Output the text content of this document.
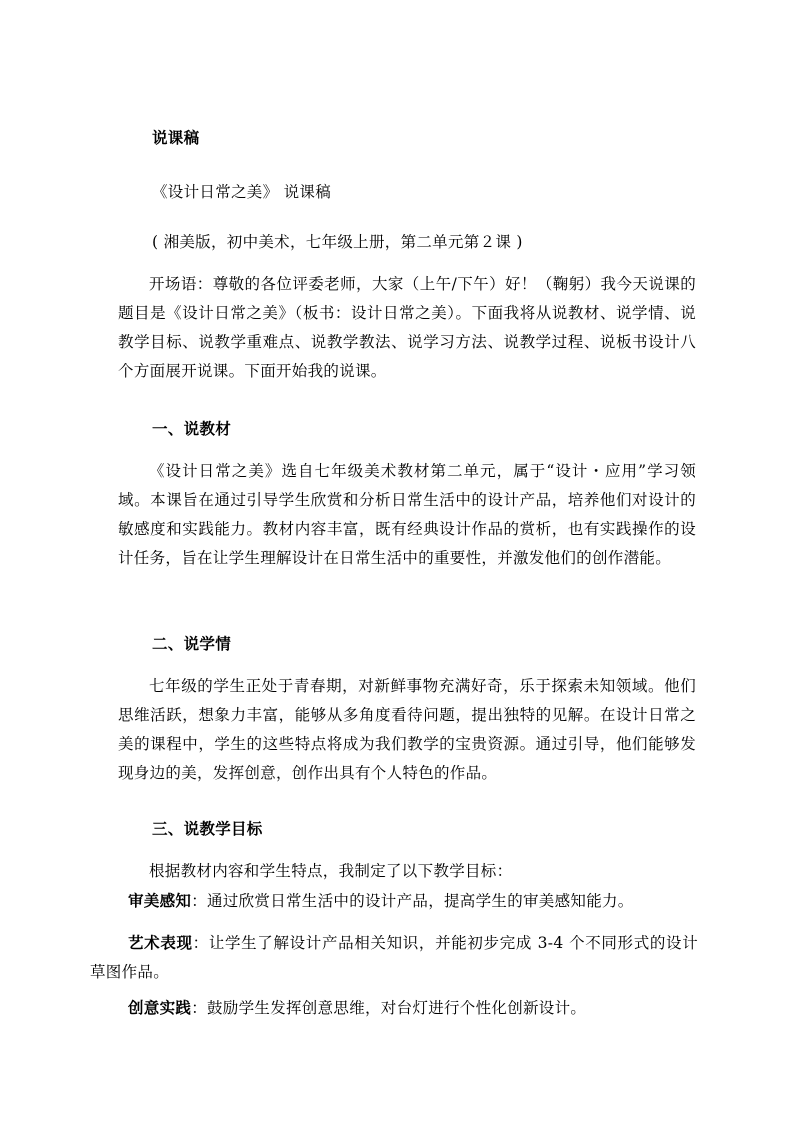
说课稿

《设计日常之美》 说课稿

( 湘美版，初中美术，七年级上册，第二单元第２课 )

开场语：尊敬的各位评委老师，大家（上午/下午）好！（鞠躬）我今天说课的题目是《设计日常之美》（板书：设计日常之美）。下面我将从说教材、说学情、说教学目标、说教学重难点、说教学教法、说学习方法、说教学过程、说板书设计八个方面展开说课。下面开始我的说课。

一、说教材

《设计日常之美》选自七年级美术教材第二单元，属于“设计・应用”学习领域。本课旨在通过引导学生欣赏和分析日常生活中的设计产品，培养他们对设计的敏感度和实践能力。教材内容丰富，既有经典设计作品的赏析，也有实践操作的设计任务，旨在让学生理解设计在日常生活中的重要性，并激发他们的创作潜能。

二、说学情

七年级的学生正处于青春期，对新鲜事物充满好奇，乐于探索未知领域。他们思维活跃，想象力丰富，能够从多角度看待问题，提出独特的见解。在设计日常之美的课程中，学生的这些特点将成为我们教学的宝贵资源。通过引导，他们能够发现身边的美，发挥创意，创作出具有个人特色的作品。

三、说教学目标

根据教材内容和学生特点，我制定了以下教学目标：

审美感知：通过欣赏日常生活中的设计产品，提高学生的审美感知能力。

艺术表现：让学生了解设计产品相关知识，并能初步完成 3-4 个不同形式的设计草图作品。

创意实践：鼓励学生发挥创意思维，对台灯进行个性化创新设计。
